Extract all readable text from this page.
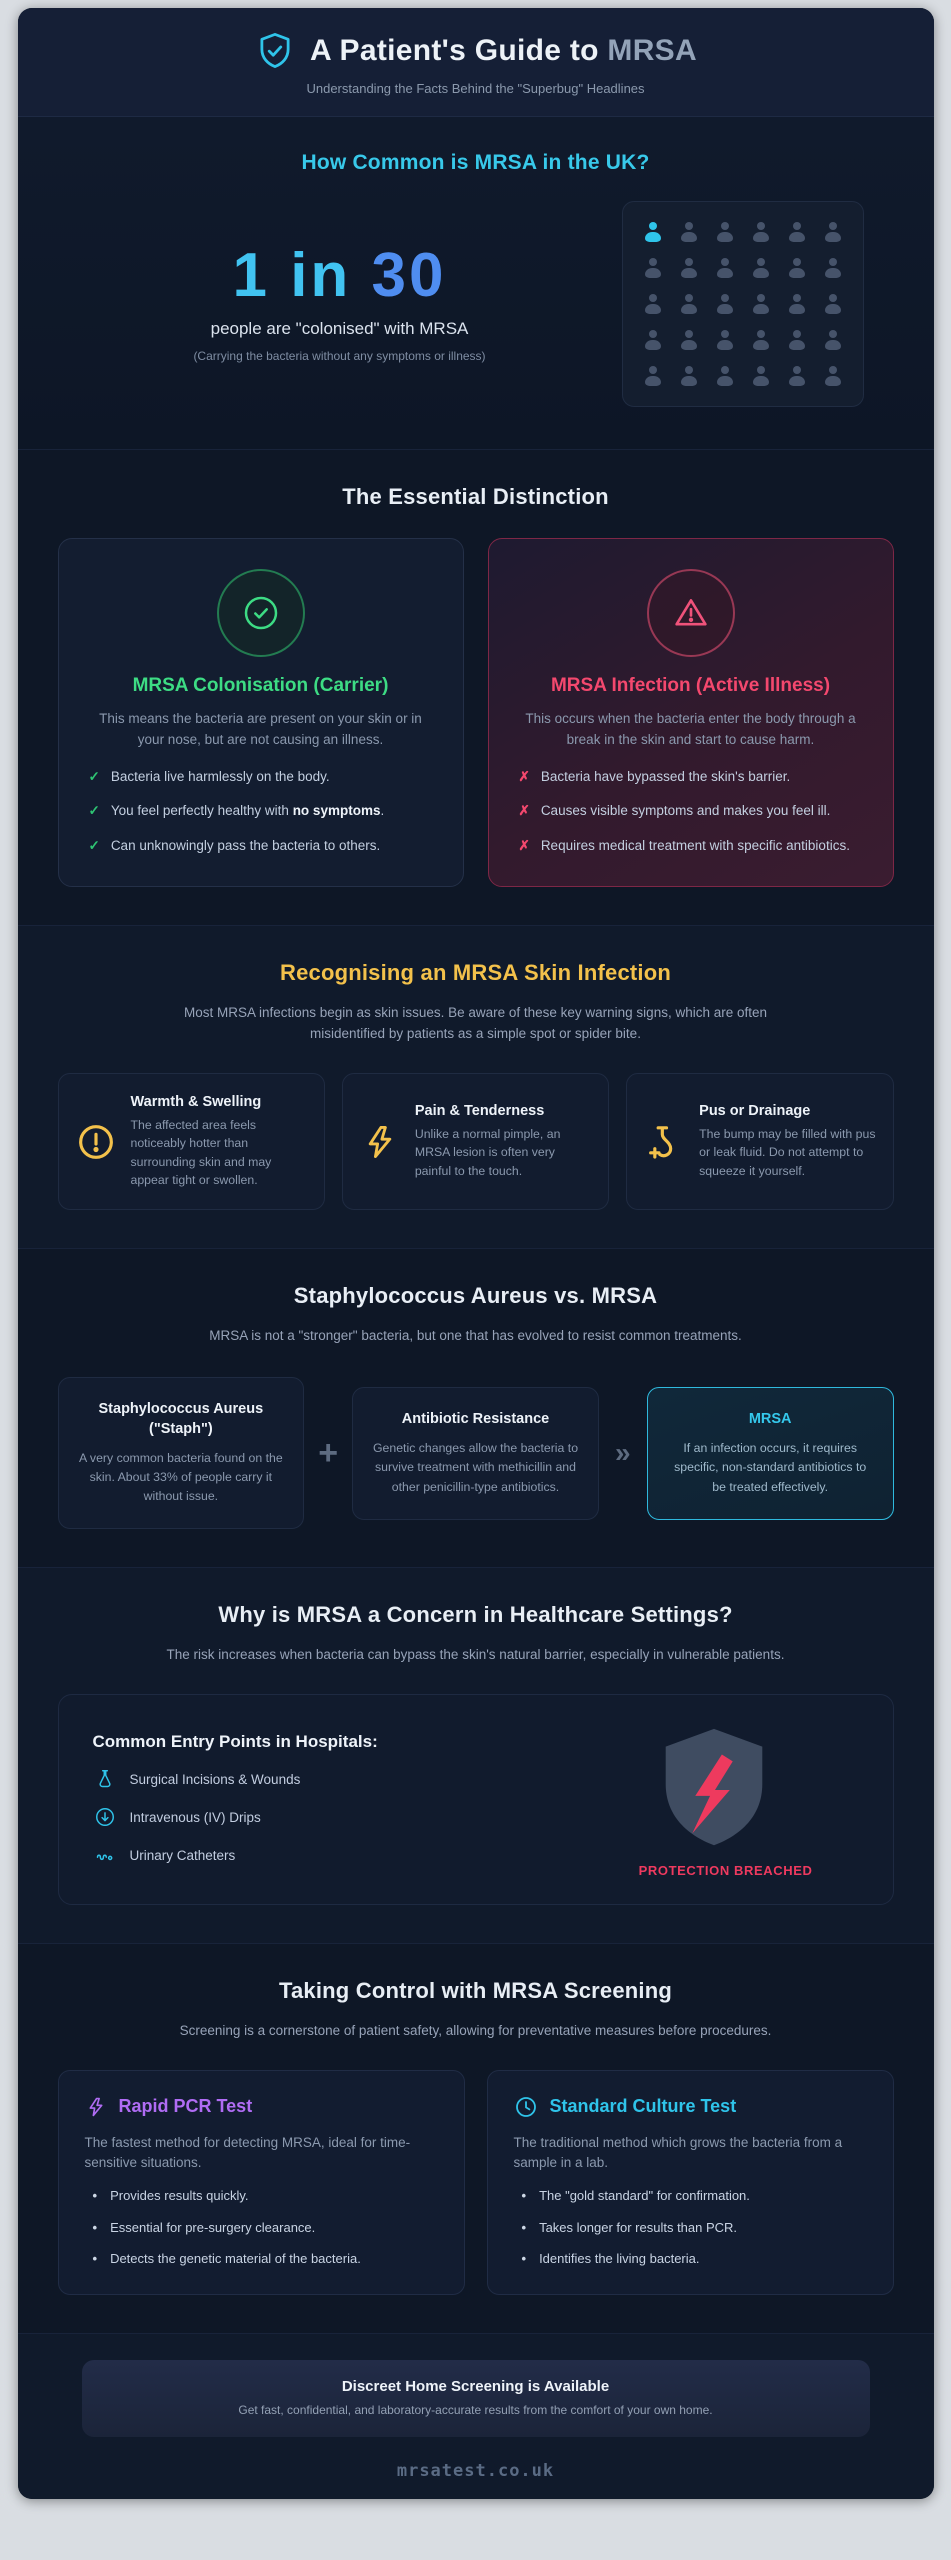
A Patient's Guide to MRSA

Understanding the Facts Behind the "Superbug" Headlines

How Common is MRSA in the UK?
1 in 30
people are "colonised" with MRSA
(Carrying the bacteria without any symptoms or illness)
The Essential Distinction
MRSA Colonisation (Carrier)

This means the bacteria are present on your skin or in your nose, but are not causing an illness.

✓ Bacteria live harmlessly on the body.
✓ You feel perfectly healthy with no symptoms.
✓ Can unknowingly pass the bacteria to others.
MRSA Infection (Active Illness)

This occurs when the bacteria enter the body through a break in the skin and start to cause harm.

✗ Bacteria have bypassed the skin's barrier.
✗ Causes visible symptoms and makes you feel ill.
✗ Requires medical treatment with specific antibiotics.
Recognising an MRSA Skin Infection

Most MRSA infections begin as skin issues. Be aware of these key warning signs, which are often misidentified by patients as a simple spot or spider bite.

Warmth & Swelling

The affected area feels noticeably hotter than surrounding skin and may appear tight or swollen.

Pain & Tenderness

Unlike a normal pimple, an MRSA lesion is often very painful to the touch.

Pus or Drainage

The bump may be filled with pus or leak fluid. Do not attempt to squeeze it yourself.

Staphylococcus Aureus vs. MRSA

MRSA is not a "stronger" bacteria, but one that has evolved to resist common treatments.

Staphylococcus Aureus ("Staph")

A very common bacteria found on the skin. About 33% of people carry it without issue.

+
Antibiotic Resistance

Genetic changes allow the bacteria to survive treatment with methicillin and other penicillin-type antibiotics.

»
MRSA

If an infection occurs, it requires specific, non-standard antibiotics to be treated effectively.

Why is MRSA a Concern in Healthcare Settings?

The risk increases when bacteria can bypass the skin's natural barrier, especially in vulnerable patients.

Common Entry Points in Hospitals:
Surgical Incisions & Wounds
Intravenous (IV) Drips
Urinary Catheters
PROTECTION BREACHED
Taking Control with MRSA Screening

Screening is a cornerstone of patient safety, allowing for preventative measures before procedures.

Rapid PCR Test

The fastest method for detecting MRSA, ideal for time-sensitive situations.

• Provides results quickly.
• Essential for pre-surgery clearance.
• Detects the genetic material of the bacteria.
Standard Culture Test

The traditional method which grows the bacteria from a sample in a lab.

• The "gold standard" for confirmation.
• Takes longer for results than PCR.
• Identifies the living bacteria.
Discreet Home Screening is Available

Get fast, confidential, and laboratory-accurate results from the comfort of your own home.

mrsatest.co.uk
